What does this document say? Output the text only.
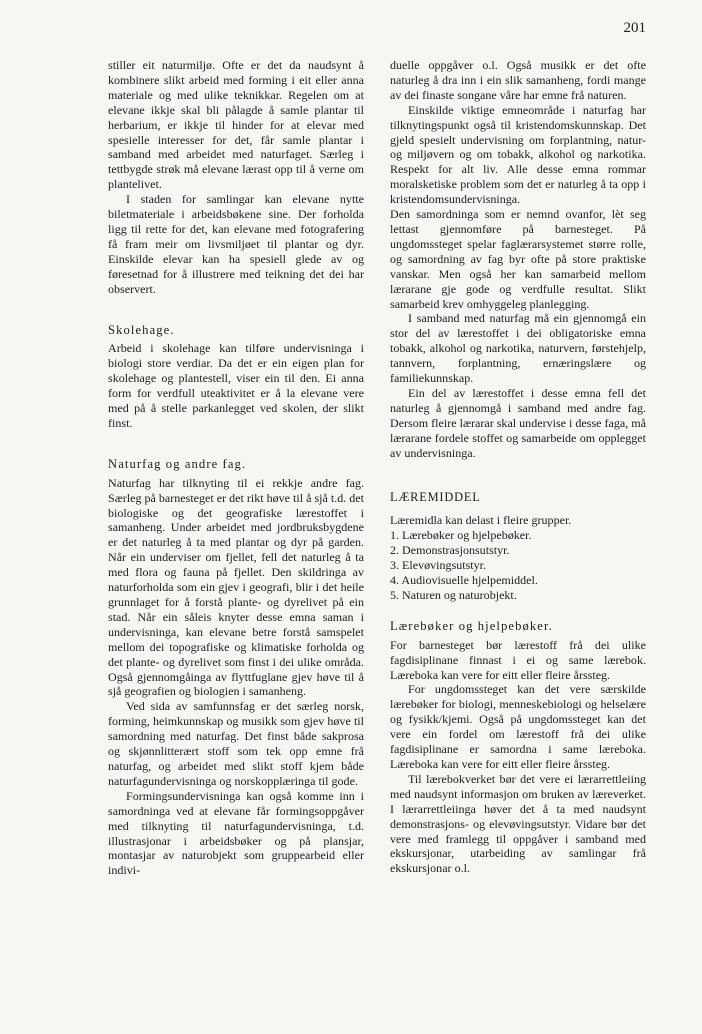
201

stiller eit naturmiljø. Ofte er det da naudsynt å kombinere slikt arbeid med forming i eit eller anna materiale og med ulike teknikkar. Regelen om at elevane ikkje skal bli pålagde å samle plantar til herbarium, er ikkje til hinder for at elevar med spesielle interesser for det, får samle plantar i samband med arbeidet med naturfaget. Særleg i tettbygde strøk må elevane lærast opp til å verne om plantelivet.

I staden for samlingar kan elevane nytte biletmateriale i arbeidsbøkene sine. Der forholda ligg til rette for det, kan elevane med fotografering få fram meir om livsmiljøet til plantar og dyr. Einskilde elevar kan ha spesiell glede av og føresetnad for å illustrere med teikning det dei har observert.

Skolehage.

Arbeid i skolehage kan tilføre undervisninga i biologi store verdiar. Da det er ein eigen plan for skolehage og plantestell, viser ein til den. Ei anna form for verdfull uteaktivitet er å la elevane vere med på å stelle parkanlegget ved skolen, der slikt finst.

Naturfag og andre fag.

Naturfag har tilknyting til ei rekkje andre fag. Særleg på barnesteget er det rikt høve til å sjå t.d. det biologiske og det geografiske lærestoffet i samanheng. Under arbeidet med jordbruksbygdene er det naturleg å ta med plantar og dyr på garden. Når ein underviser om fjellet, fell det naturleg å ta med flora og fauna på fjellet. Den skildringa av naturforholda som ein gjev i geografi, blir i det heile grunnlaget for å forstå plante- og dyrelivet på ein stad. Når ein såleis knyter desse emna saman i undervisninga, kan elevane betre forstå samspelet mellom dei topografiske og klimatiske forholda og det plante- og dyrelivet som finst i dei ulike områda. Også gjennomgåinga av flyttfuglane gjev høve til å sjå geografien og biologien i samanheng.

Ved sida av samfunnsfag er det særleg norsk, forming, heimkunnskap og musikk som gjev høve til samordning med naturfag. Det finst både sakprosa og skjønnlitterært stoff som tek opp emne frå naturfag, og arbeidet med slikt stoff kjem både naturfagundervisninga og norskopplæringa til gode.

Formingsundervisninga kan også komme inn i samordninga ved at elevane får formingsoppgåver med tilknyting til naturfagundervisninga, t.d. illustrasjonar i arbeidsbøker og på plansjar, montasjar av naturobjekt som gruppearbeid eller indivi-

duelle oppgåver o.l. Også musikk er det ofte naturleg å dra inn i ein slik samanheng, fordi mange av dei finaste songane våre har emne frå naturen.

Einskilde viktige emneområde i naturfag har tilknytingspunkt også til kristendomskunnskap. Det gjeld spesielt undervisning om forplantning, natur- og miljøvern og om tobakk, alkohol og narkotika. Respekt for alt liv. Alle desse emna rommar moralsketiske problem som det er naturleg å ta opp i kristendomsundervisninga.

Den samordninga som er nemnd ovanfor, lèt seg lettast gjennomføre på barnesteget. På ungdomssteget spelar faglærarsystemet større rolle, og samordning av fag byr ofte på store praktiske vanskar. Men også her kan samarbeid mellom lærarane gje gode og verdfulle resultat. Slikt samarbeid krev omhyggeleg planlegging.

I samband med naturfag må ein gjennomgå ein stor del av lærestoffet i dei obligatoriske emna tobakk, alkohol og narkotika, naturvern, førstehjelp, tannvern, forplantning, ernæringslære og familiekunnskap.

Ein del av lærestoffet i desse emna fell det naturleg å gjennomgå i samband med andre fag. Dersom fleire lærarar skal undervise i desse faga, må lærarane fordele stoffet og samarbeide om opplegget av undervisninga.

LÆREMIDDEL

Læremidla kan delast i fleire grupper.

1. Lærebøker og hjelpebøker.
2. Demonstrasjonsutstyr.
3. Elevøvingsutstyr.
4. Audiovisuelle hjelpemiddel.
5. Naturen og naturobjekt.

Lærebøker og hjelpebøker.

For barnesteget bør lærestoff frå dei ulike fagdisiplinane finnast i ei og same lærebok. Læreboka kan vere for eitt eller fleire årssteg.

For ungdomssteget kan det vere særskilde lærebøker for biologi, menneskebiologi og helselære og fysikk/kjemi. Også på ungdomssteget kan det vere ein fordel om lærestoff frå dei ulike fagdisiplinane er samordna i same læreboka. Læreboka kan vere for eitt eller fleire årssteg.

Til lærebokverket bør det vere ei lærarrettleiing med naudsynt informasjon om bruken av læreverket. I lærarrettleiinga høver det å ta med naudsynt demonstrasjons- og elevøvingsutstyr. Vidare bør det vere med framlegg til oppgåver i samband med ekskursjonar, utarbeiding av samlingar frå ekskursjonar o.l.
